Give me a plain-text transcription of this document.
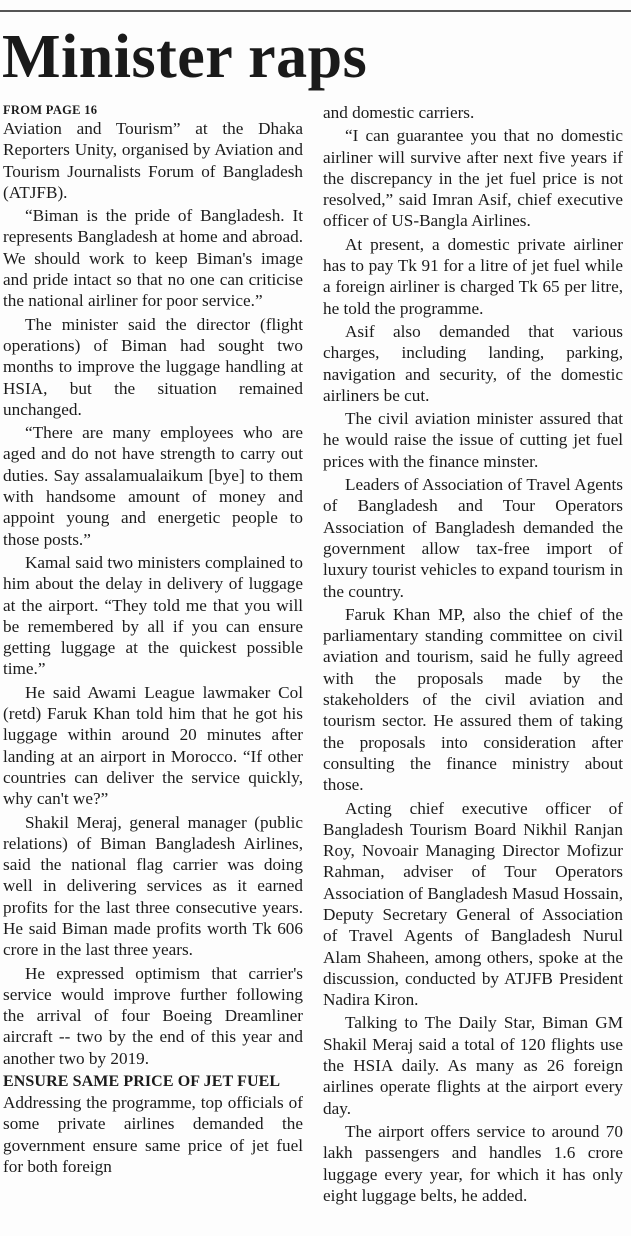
Minister raps
FROM PAGE 16

Aviation and Tourism” at the Dhaka Reporters Unity, organised by Aviation and Tourism Journalists Forum of Bangladesh (ATJFB).

“Biman is the pride of Bangladesh. It represents Bangladesh at home and abroad. We should work to keep Biman's image and pride intact so that no one can criticise the national airliner for poor service.”

The minister said the director (flight operations) of Biman had sought two months to improve the luggage handling at HSIA, but the situation remained unchanged.

“There are many employees who are aged and do not have strength to carry out duties. Say assalamualaikum [bye] to them with handsome amount of money and appoint young and energetic people to those posts.”

Kamal said two ministers complained to him about the delay in delivery of luggage at the airport. “They told me that you will be remembered by all if you can ensure getting luggage at the quickest possible time.”

He said Awami League lawmaker Col (retd) Faruk Khan told him that he got his luggage within around 20 minutes after landing at an airport in Morocco. “If other countries can deliver the service quickly, why can't we?”

Shakil Meraj, general manager (public relations) of Biman Bangladesh Airlines, said the national flag carrier was doing well in delivering services as it earned profits for the last three consecutive years. He said Biman made profits worth Tk 606 crore in the last three years.

He expressed optimism that carrier's service would improve further following the arrival of four Boeing Dreamliner aircraft -- two by the end of this year and another two by 2019.

ENSURE SAME PRICE OF JET FUEL

Addressing the programme, top officials of some private airlines demanded the government ensure same price of jet fuel for both foreign

and domestic carriers.

“I can guarantee you that no domestic airliner will survive after next five years if the discrepancy in the jet fuel price is not resolved,” said Imran Asif, chief executive officer of US-Bangla Airlines.

At present, a domestic private airliner has to pay Tk 91 for a litre of jet fuel while a foreign airliner is charged Tk 65 per litre, he told the programme.

Asif also demanded that various charges, including landing, parking, navigation and security, of the domestic airliners be cut.

The civil aviation minister assured that he would raise the issue of cutting jet fuel prices with the finance minster.

Leaders of Association of Travel Agents of Bangladesh and Tour Operators Association of Bangladesh demanded the government allow tax-free import of luxury tourist vehicles to expand tourism in the country.

Faruk Khan MP, also the chief of the parliamentary standing committee on civil aviation and tourism, said he fully agreed with the proposals made by the stakeholders of the civil aviation and tourism sector. He assured them of taking the proposals into consideration after consulting the finance ministry about those.

Acting chief executive officer of Bangladesh Tourism Board Nikhil Ranjan Roy, Novoair Managing Director Mofizur Rahman, adviser of Tour Operators Association of Bangladesh Masud Hossain, Deputy Secretary General of Association of Travel Agents of Bangladesh Nurul Alam Shaheen, among others, spoke at the discussion, conducted by ATJFB President Nadira Kiron.

Talking to The Daily Star, Biman GM Shakil Meraj said a total of 120 flights use the HSIA daily. As many as 26 foreign airlines operate flights at the airport every day.

The airport offers service to around 70 lakh passengers and handles 1.6 crore luggage every year, for which it has only eight luggage belts, he added.
